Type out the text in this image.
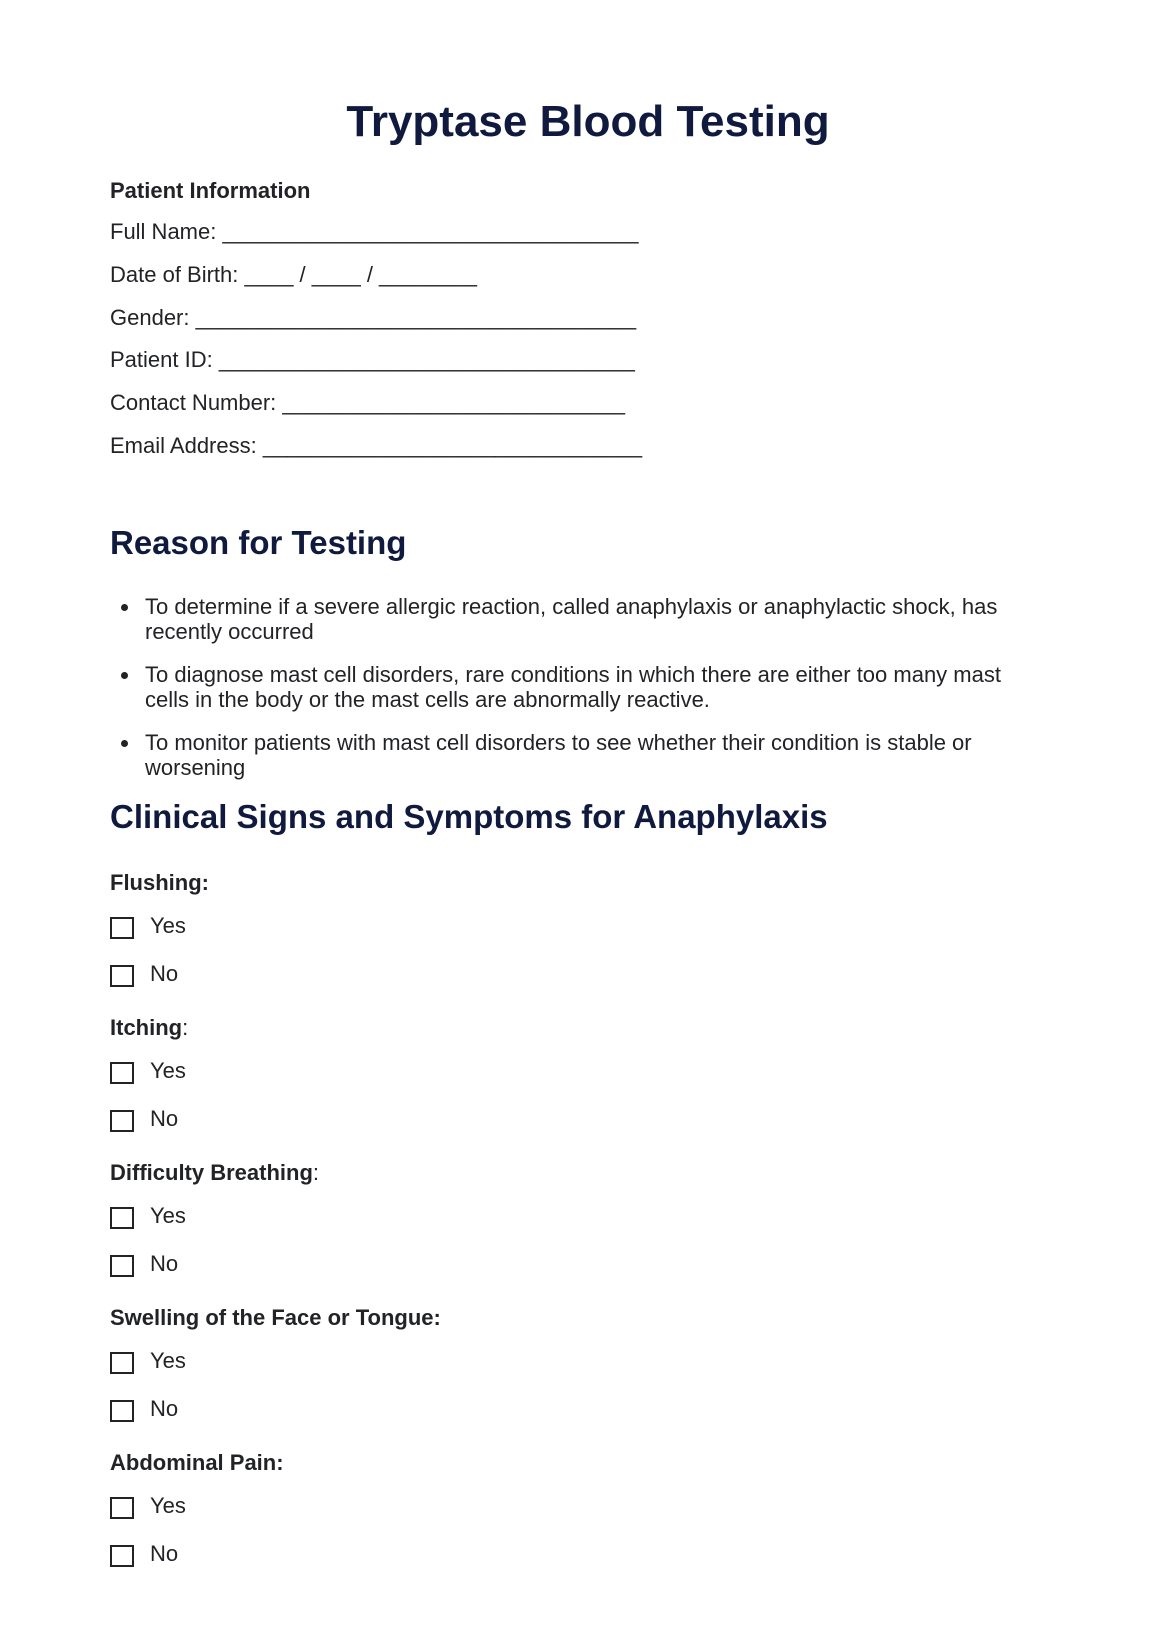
Tryptase Blood Testing
Patient Information
Full Name: __________________________________
Date of Birth: ____ / ____ / ________
Gender: ____________________________________
Patient ID: __________________________________
Contact Number: ____________________________
Email Address: _______________________________
Reason for Testing
To determine if a severe allergic reaction, called anaphylaxis or anaphylactic shock, has recently occurred
To diagnose mast cell disorders, rare conditions in which there are either too many mast cells in the body or the mast cells are abnormally reactive.
To monitor patients with mast cell disorders to see whether their condition is stable or worsening
Clinical Signs and Symptoms for Anaphylaxis
Flushing:
Yes
No
Itching:
Yes
No
Difficulty Breathing:
Yes
No
Swelling of the Face or Tongue:
Yes
No
Abdominal Pain:
Yes
No
